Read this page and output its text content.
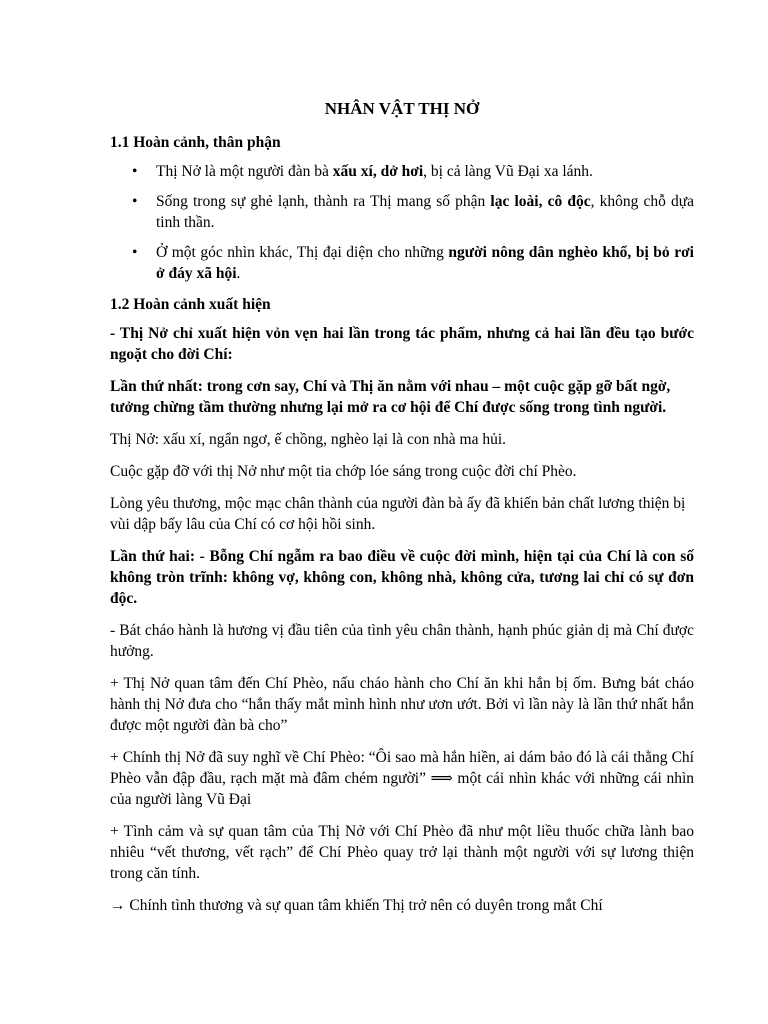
NHÂN VẬT THỊ NỞ
1.1 Hoàn cảnh, thân phận
• Thị Nở là một người đàn bà xấu xí, dở hơi, bị cả làng Vũ Đại xa lánh.
• Sống trong sự ghẻ lạnh, thành ra Thị mang số phận lạc loài, cô độc, không chỗ dựa tinh thần.
• Ở một góc nhìn khác, Thị đại diện cho những người nông dân nghèo khổ, bị bỏ rơi ở đáy xã hội.
1.2 Hoàn cảnh xuất hiện

- Thị Nở chỉ xuất hiện vỏn vẹn hai lần trong tác phẩm, nhưng cả hai lần đều tạo bước ngoặt cho đời Chí:

Lần thứ nhất: trong cơn say, Chí và Thị ăn nằm với nhau – một cuộc gặp gỡ bất ngờ, tưởng chừng tầm thường nhưng lại mở ra cơ hội để Chí được sống trong tình người.

Thị Nở: xấu xí, ngẩn ngơ, ế chồng, nghèo lại là con nhà ma hủi.

Cuộc gặp đỡ với thị Nở như một tia chớp lóe sáng trong cuộc đời chí Phèo.

Lòng yêu thương, mộc mạc chân thành của người đàn bà ấy đã khiến bản chất lương thiện bị vùi dập bấy lâu của Chí có cơ hội hồi sinh.

Lần thứ hai: - Bỗng Chí ngẫm ra bao điều về cuộc đời mình, hiện tại của Chí là con số không tròn trĩnh: không vợ, không con, không nhà, không cửa, tương lai chỉ có sự đơn độc.

- Bát cháo hành là hương vị đầu tiên của tình yêu chân thành, hạnh phúc giản dị mà Chí được hưởng.

+ Thị Nở quan tâm đến Chí Phèo, nấu cháo hành cho Chí ăn khi hắn bị ốm. Bưng bát cháo hành thị Nở đưa cho “hắn thấy mắt mình hình như ươn ướt. Bởi vì lần này là lần thứ nhất hắn được một người đàn bà cho”

+ Chính thị Nở đã suy nghĩ về Chí Phèo: “Ôi sao mà hắn hiền, ai dám bảo đó là cái thằng Chí Phèo vẫn đập đầu, rạch mặt mà đâm chém người” ⟹ một cái nhìn khác với những cái nhìn của người làng Vũ Đại

+ Tình cảm và sự quan tâm của Thị Nở với Chí Phèo đã như một liều thuốc chữa lành bao nhiêu “vết thương, vết rạch” để Chí Phèo quay trở lại thành một người với sự lương thiện trong căn tính.

→ Chính tình thương và sự quan tâm khiến Thị trở nên có duyên trong mắt Chí
